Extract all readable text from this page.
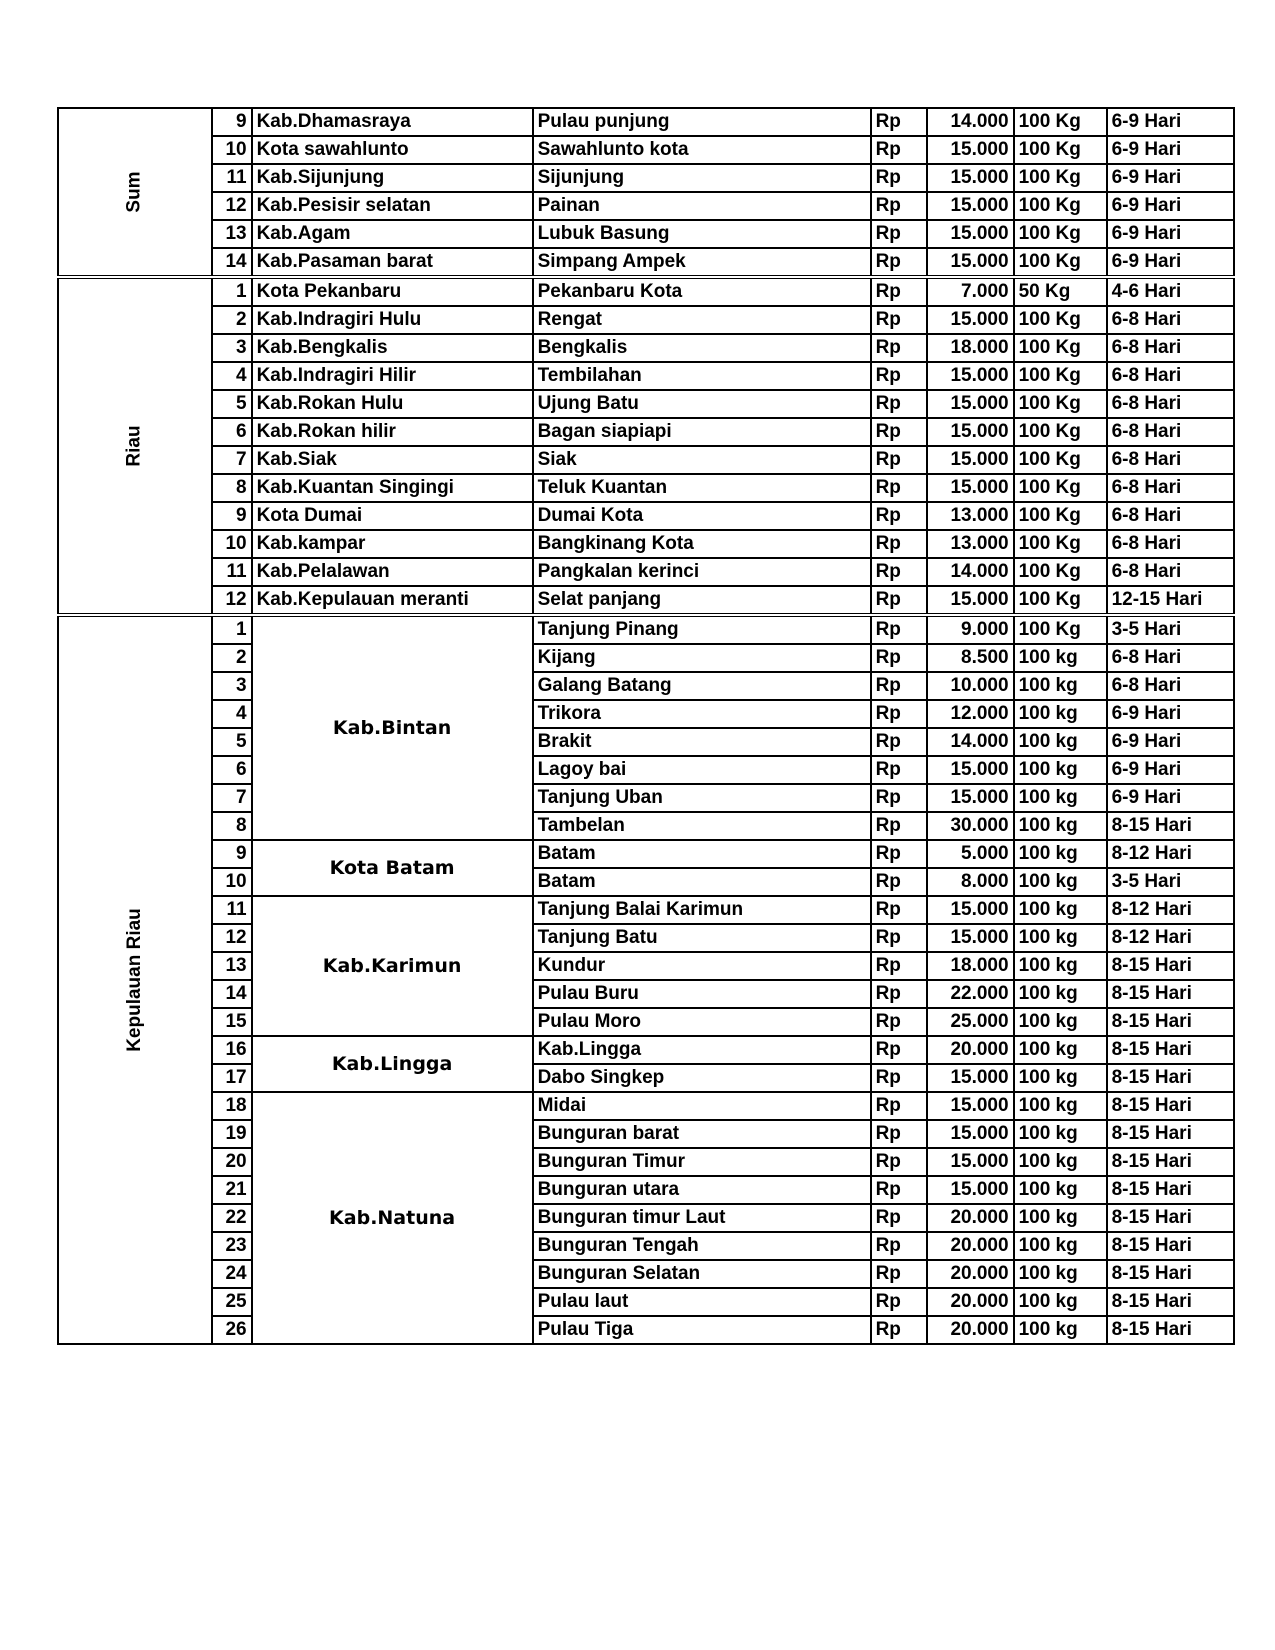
Sum	9	Kab.Dhamasraya	Pulau punjung	Rp	14.000	100 Kg	6-9 Hari
	10	Kota sawahlunto	Sawahlunto kota	Rp	15.000	100 Kg	6-9 Hari
	11	Kab.Sijunjung	Sijunjung	Rp	15.000	100 Kg	6-9 Hari
	12	Kab.Pesisir selatan	Painan	Rp	15.000	100 Kg	6-9 Hari
	13	Kab.Agam	Lubuk Basung	Rp	15.000	100 Kg	6-9 Hari
	14	Kab.Pasaman barat	Simpang Ampek	Rp	15.000	100 Kg	6-9 Hari
Riau	1	Kota Pekanbaru	Pekanbaru Kota	Rp	7.000	50 Kg	4-6 Hari
	2	Kab.Indragiri Hulu	Rengat	Rp	15.000	100 Kg	6-8 Hari
	3	Kab.Bengkalis	Bengkalis	Rp	18.000	100 Kg	6-8 Hari
	4	Kab.Indragiri Hilir	Tembilahan	Rp	15.000	100 Kg	6-8 Hari
	5	Kab.Rokan Hulu	Ujung Batu	Rp	15.000	100 Kg	6-8 Hari
	6	Kab.Rokan hilir	Bagan siapiapi	Rp	15.000	100 Kg	6-8 Hari
	7	Kab.Siak	Siak	Rp	15.000	100 Kg	6-8 Hari
	8	Kab.Kuantan Singingi	Teluk Kuantan	Rp	15.000	100 Kg	6-8 Hari
	9	Kota Dumai	Dumai Kota	Rp	13.000	100 Kg	6-8 Hari
	10	Kab.kampar	Bangkinang Kota	Rp	13.000	100 Kg	6-8 Hari
	11	Kab.Pelalawan	Pangkalan kerinci	Rp	14.000	100 Kg	6-8 Hari
	12	Kab.Kepulauan meranti	Selat panjang	Rp	15.000	100 Kg	12-15 Hari
Kepulauan Riau	1	Kab.Bintan	Tanjung Pinang	Rp	9.000	100 Kg	3-5 Hari
	2		Kijang	Rp	8.500	100 kg	6-8 Hari
	3		Galang Batang	Rp	10.000	100 kg	6-8 Hari
	4		Trikora	Rp	12.000	100 kg	6-9 Hari
	5		Brakit	Rp	14.000	100 kg	6-9 Hari
	6		Lagoy bai	Rp	15.000	100 kg	6-9 Hari
	7		Tanjung Uban	Rp	15.000	100 kg	6-9 Hari
	8		Tambelan	Rp	30.000	100 kg	8-15 Hari
	9	Kota Batam	Batam	Rp	5.000	100 kg	8-12 Hari
	10		Batam	Rp	8.000	100 kg	3-5 Hari
	11	Kab.Karimun	Tanjung Balai Karimun	Rp	15.000	100 kg	8-12 Hari
	12		Tanjung Batu	Rp	15.000	100 kg	8-12 Hari
	13		Kundur	Rp	18.000	100 kg	8-15 Hari
	14		Pulau Buru	Rp	22.000	100 kg	8-15 Hari
	15		Pulau Moro	Rp	25.000	100 kg	8-15 Hari
	16	Kab.Lingga	Kab.Lingga	Rp	20.000	100 kg	8-15 Hari
	17		Dabo Singkep	Rp	15.000	100 kg	8-15 Hari
	18	Kab.Natuna	Midai	Rp	15.000	100 kg	8-15 Hari
	19		Bunguran barat	Rp	15.000	100 kg	8-15 Hari
	20		Bunguran Timur	Rp	15.000	100 kg	8-15 Hari
	21		Bunguran utara	Rp	15.000	100 kg	8-15 Hari
	22		Bunguran timur Laut	Rp	20.000	100 kg	8-15 Hari
	23		Bunguran Tengah	Rp	20.000	100 kg	8-15 Hari
	24		Bunguran Selatan	Rp	20.000	100 kg	8-15 Hari
	25		Pulau laut	Rp	20.000	100 kg	8-15 Hari
	26		Pulau Tiga	Rp	20.000	100 kg	8-15 Hari
